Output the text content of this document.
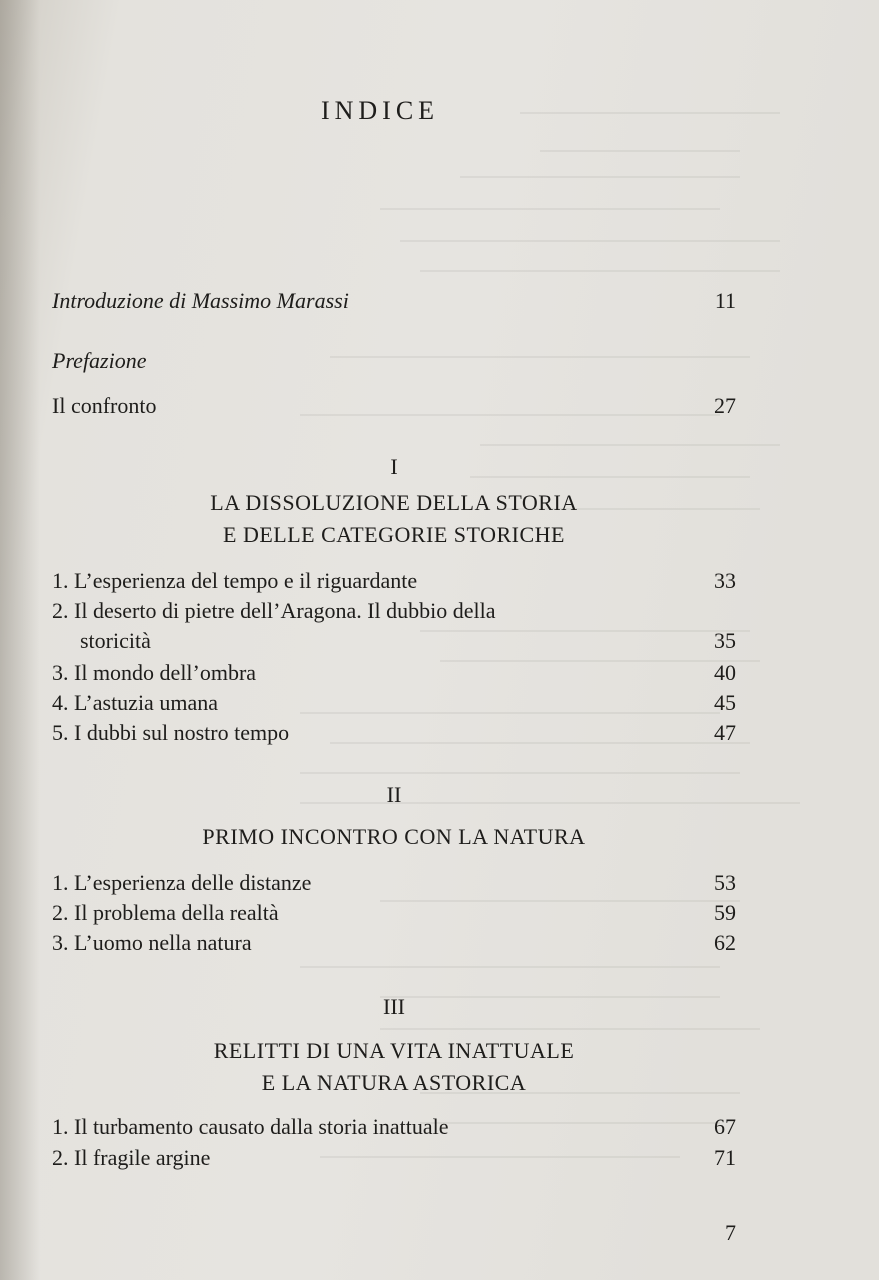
INDICE
Introduzione di Massimo Marassi	11
Prefazione
Il confronto	27
I
LA DISSOLUZIONE DELLA STORIA
E DELLE CATEGORIE STORICHE
1. L’esperienza del tempo e il riguardante	33
2. Il deserto di pietre dell’Aragona. Il dubbio della
storicità	35
3. Il mondo dell’ombra	40
4. L’astuzia umana	45
5. I dubbi sul nostro tempo	47
II
PRIMO INCONTRO CON LA NATURA
1. L’esperienza delle distanze	53
2. Il problema della realtà	59
3. L’uomo nella natura	62
III
RELITTI DI UNA VITA INATTUALE
E LA NATURA ASTORICA
1. Il turbamento causato dalla storia inattuale	67
2. Il fragile argine	71
7
